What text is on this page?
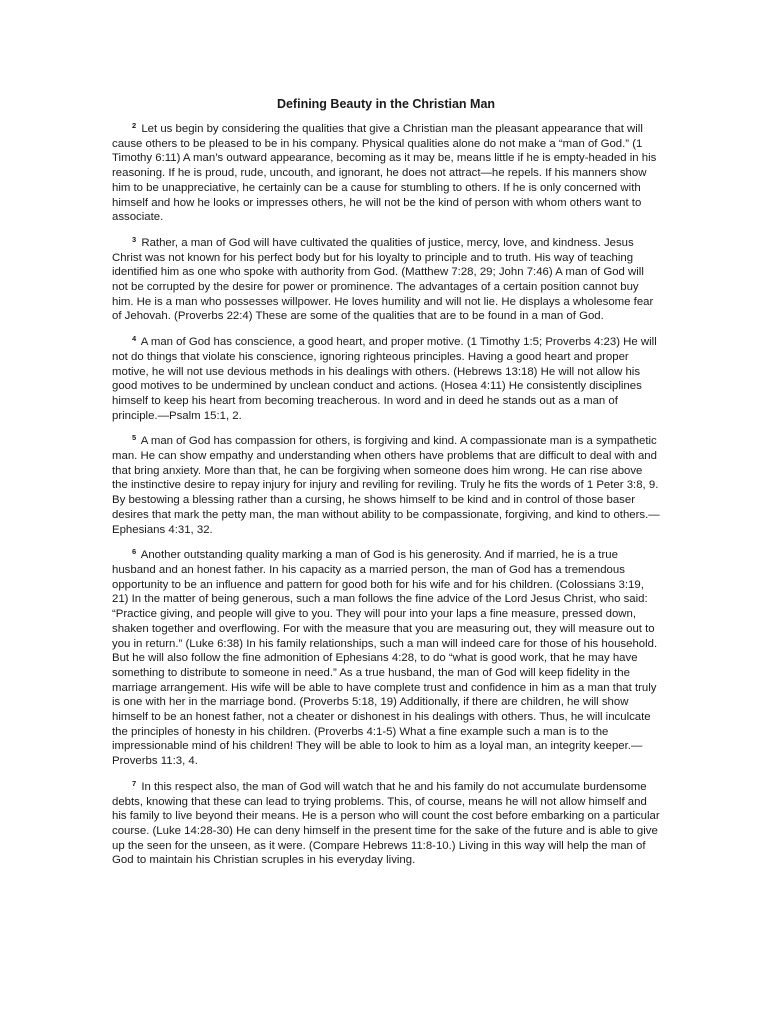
Defining Beauty in the Christian Man

$^2$ Let us begin by considering the qualities that give a Christian man the pleasant appearance that will cause others to be pleased to be in his company. Physical qualities alone do not make a “man of God.” (1 Timothy 6:11) A man’s outward appearance, becoming as it may be, means little if he is empty-headed in his reasoning. If he is proud, rude, uncouth, and ignorant, he does not attract—he repels. If his manners show him to be unappreciative, he certainly can be a cause for stumbling to others. If he is only concerned with himself and how he looks or impresses others, he will not be the kind of person with whom others want to associate.

$^3$ Rather, a man of God will have cultivated the qualities of justice, mercy, love, and kindness. Jesus Christ was not known for his perfect body but for his loyalty to principle and to truth. His way of teaching identified him as one who spoke with authority from God. (Matthew 7:28, 29; John 7:46) A man of God will not be corrupted by the desire for power or prominence. The advantages of a certain position cannot buy him. He is a man who possesses willpower. He loves humility and will not lie. He displays a wholesome fear of Jehovah. (Proverbs 22:4) These are some of the qualities that are to be found in a man of God.

$^4$ A man of God has conscience, a good heart, and proper motive. (1 Timothy 1:5; Proverbs 4:23) He will not do things that violate his conscience, ignoring righteous principles. Having a good heart and proper motive, he will not use devious methods in his dealings with others. (Hebrews 13:18) He will not allow his good motives to be undermined by unclean conduct and actions. (Hosea 4:11) He consistently disciplines himself to keep his heart from becoming treacherous. In word and in deed he stands out as a man of principle.—Psalm 15:1, 2.

$^5$ A man of God has compassion for others, is forgiving and kind. A compassionate man is a sympathetic man. He can show empathy and understanding when others have problems that are difficult to deal with and that bring anxiety. More than that, he can be forgiving when someone does him wrong. He can rise above the instinctive desire to repay injury for injury and reviling for reviling. Truly he fits the words of 1 Peter 3:8, 9. By bestowing a blessing rather than a cursing, he shows himself to be kind and in control of those baser desires that mark the petty man, the man without ability to be compassionate, forgiving, and kind to others.—Ephesians 4:31, 32.

$^6$ Another outstanding quality marking a man of God is his generosity. And if married, he is a true husband and an honest father. In his capacity as a married person, the man of God has a tremendous opportunity to be an influence and pattern for good both for his wife and for his children. (Colossians 3:19, 21) In the matter of being generous, such a man follows the fine advice of the Lord Jesus Christ, who said: “Practice giving, and people will give to you. They will pour into your laps a fine measure, pressed down, shaken together and overflowing. For with the measure that you are measuring out, they will measure out to you in return.” (Luke 6:38) In his family relationships, such a man will indeed care for those of his household. But he will also follow the fine admonition of Ephesians 4:28, to do “what is good work, that he may have something to distribute to someone in need.” As a true husband, the man of God will keep fidelity in the marriage arrangement. His wife will be able to have complete trust and confidence in him as a man that truly is one with her in the marriage bond. (Proverbs 5:18, 19) Additionally, if there are children, he will show himself to be an honest father, not a cheater or dishonest in his dealings with others. Thus, he will inculcate the principles of honesty in his children. (Proverbs 4:1-5) What a fine example such a man is to the impressionable mind of his children! They will be able to look to him as a loyal man, an integrity keeper.—Proverbs 11:3, 4.

$^7$ In this respect also, the man of God will watch that he and his family do not accumulate burdensome debts, knowing that these can lead to trying problems. This, of course, means he will not allow himself and his family to live beyond their means. He is a person who will count the cost before embarking on a particular course. (Luke 14:28-30) He can deny himself in the present time for the sake of the future and is able to give up the seen for the unseen, as it were. (Compare Hebrews 11:8-10.) Living in this way will help the man of God to maintain his Christian scruples in his everyday living.
